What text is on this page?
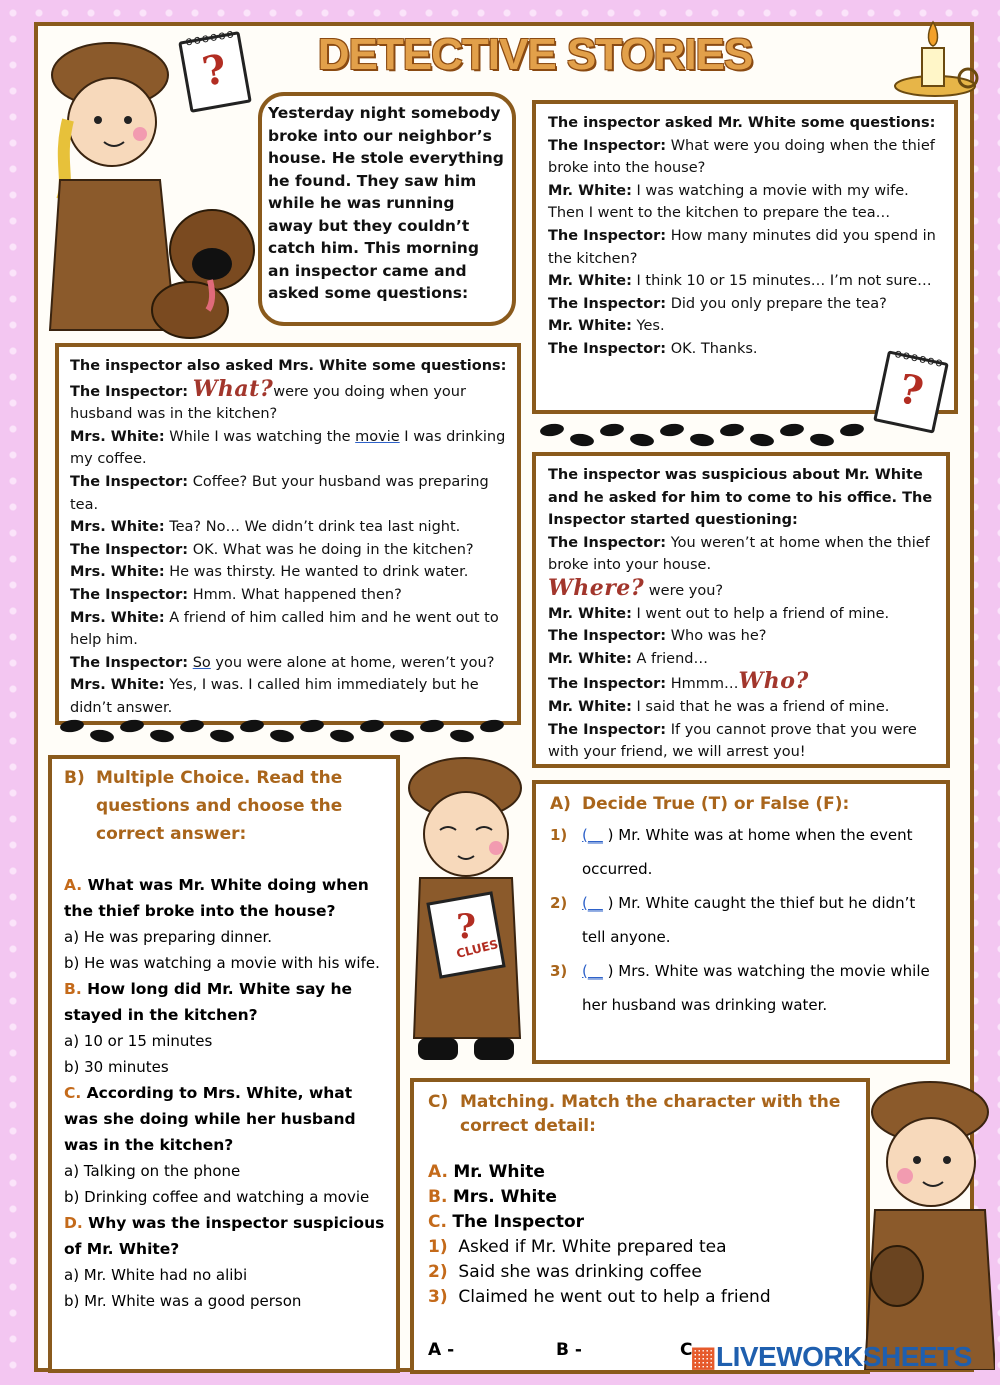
DETECTIVE STORIES
oooooo
?
Yesterday night somebody broke into our neighbor’s house. He stole everything he found. They saw him while he was running away but they couldn’t catch him. This morning an inspector came and asked some questions:
The inspector asked Mr. White some questions:
The Inspector: What were you doing when the thief broke into the house?
Mr. White: I was watching a movie with my wife. Then I went to the kitchen to prepare the tea…
The Inspector: How many minutes did you spend in the kitchen?
Mr. White: I think 10 or 15 minutes… I’m not sure…
The Inspector: Did you only prepare the tea?
Mr. White: Yes.
The Inspector: OK. Thanks.	oooooo
?
The inspector also asked Mrs. White some questions:
The Inspector: What?were you doing when your husband was in the kitchen?
Mrs. White: While I was watching the movie I was drinking my coffee.
The Inspector: Coffee? But your husband was preparing tea.
Mrs. White: Tea? No… We didn’t drink tea last night.
The Inspector: OK. What was he doing in the kitchen?
Mrs. White: He was thirsty. He wanted to drink water.
The Inspector: Hmm. What happened then?
Mrs. White: A friend of him called him and he went out to help him.
The Inspector: So you were alone at home, weren’t you?
Mrs. White: Yes, I was. I called him immediately but he didn’t answer.
The inspector was suspicious about Mr. White and he asked for him to come to his office. The Inspector started questioning:
The Inspector: You weren’t at home when the thief broke into your house.
Where? were you?
Mr. White: I went out to help a friend of mine.
The Inspector: Who was he?
Mr. White: A friend…
The Inspector: Hmmm…Who?
Mr. White: I said that he was a friend of mine.
The Inspector: If you cannot prove that you were with your friend, we will arrest you!
B) Multiple Choice. Read the questions and choose the correct answer:
A. What was Mr. White doing when the thief broke into the house?
a) He was preparing dinner.
b) He was watching a movie with his wife.
B. How long did Mr. White say he stayed in the kitchen?
a) 10 or 15 minutes
b) 30 minutes
C. According to Mrs. White, what was she doing while her husband was in the kitchen?
a) Talking on the phone
b) Drinking coffee and watching a movie
D. Why was the inspector suspicious of Mr. White?
a) Mr. White had no alibi
b) Mr. White was a good person
?
CLUES
A) Decide True (T) or False (F):
1) (__ ) Mr. White was at home when the event occurred.
2) (__ ) Mr. White caught the thief but he didn’t tell anyone.
3) (__ ) Mrs. White was watching the movie while her husband was drinking water.
C) Matching. Match the character with the correct detail:
A. Mr. White
B. Mrs. White
C. The Inspector
1) Asked if Mr. White prepared tea
2) Said she was drinking coffee
3) Claimed he went out to help a friend
A -	B -	C
▦LIVEWORKSHEETS
